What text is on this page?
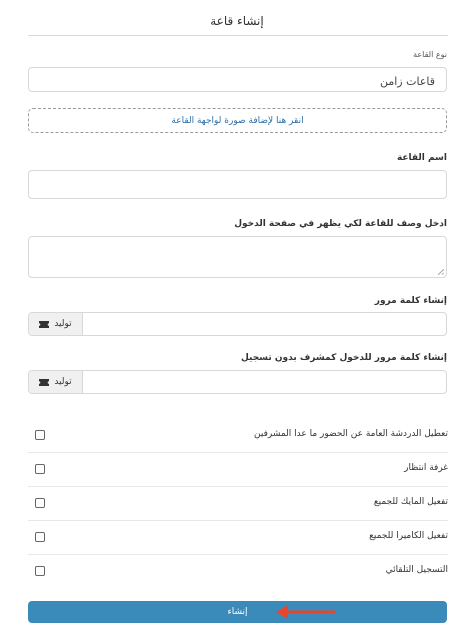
إنشاء قاعة
نوع القاعة
قاعات زامن
انقر هنا لإضافة صورة لواجهة القاعة
اسم القاعة
ادخل وصف للقاعة لكي يظهر في صفحة الدخول
إنشاء كلمة مرور
توليد
إنشاء كلمة مرور للدخول كمشرف بدون تسجيل
توليد
تعطيل الدردشة العامة عن الحضور ما عدا المشرفين
غرفة انتظار
تفعيل المايك للجميع
تفعيل الكاميرا للجميع
التسجيل التلقائي
إنشاء
